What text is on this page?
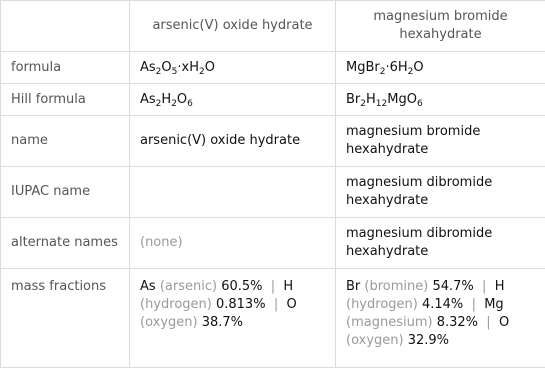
	arsenic(V) oxide hydrate	magnesium bromide hexahydrate
formula	$As_2O_5\cdot xH_2O$	$MgBr_2\cdot 6H_2O$
Hill formula	$As_2H_2O_6$	$Br_2H_{12}MgO_6$
name	arsenic(V) oxide hydrate	magnesium bromide hexahydrate
IUPAC name		magnesium dibromide hexahydrate
alternate names	(none)	magnesium dibromide hexahydrate
mass fractions	As (arsenic) 60.5% | H (hydrogen) 0.813% | O (oxygen) 38.7%	Br (bromine) 54.7% | H (hydrogen) 4.14% | Mg (magnesium) 8.32% | O (oxygen) 32.9%
